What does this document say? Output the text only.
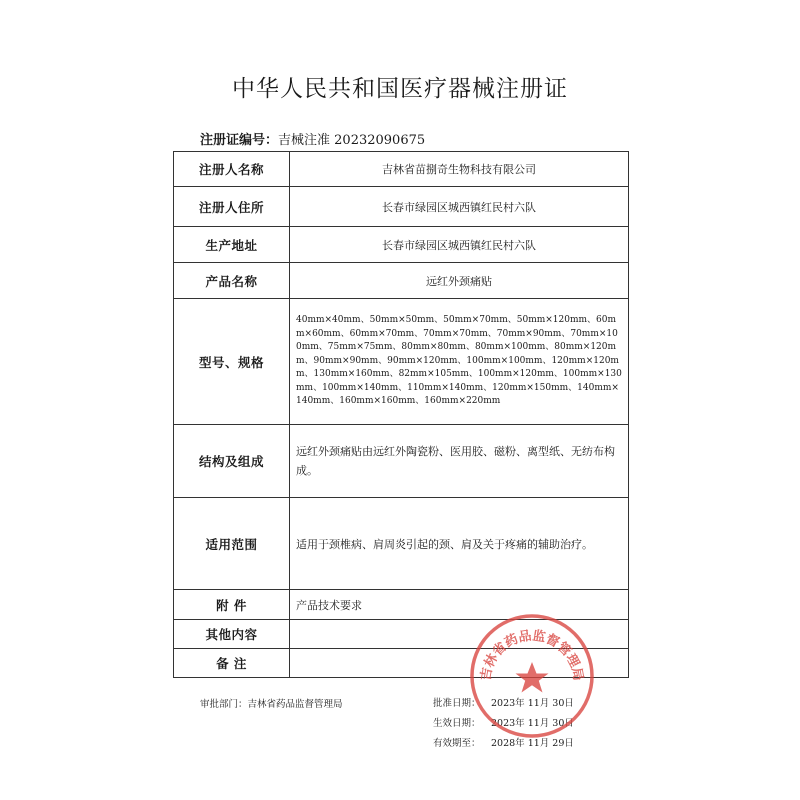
中华人民共和国医疗器械注册证
注册证编号：吉械注准 20232090675
注册人名称	吉林省苗捌奇生物科技有限公司
注册人住所	长春市绿园区城西镇红民村六队
生产地址	长春市绿园区城西镇红民村六队
产品名称	远红外颈痛贴
型号、规格	40mm×40mm、50mm×50mm、50mm×70mm、50mm×120mm、60mm×60mm、60mm×70mm、70mm×70mm、70mm×90mm、70mm×100mm、75mm×75mm、80mm×80mm、80mm×100mm、80mm×120mm、90mm×90mm、90mm×120mm、100mm×100mm、120mm×120mm、130mm×160mm、82mm×105mm、100mm×120mm、100mm×130mm、100mm×140mm、110mm×140mm、120mm×150mm、140mm×140mm、160mm×160mm、160mm×220mm
结构及组成	远红外颈痛贴由远红外陶瓷粉、医用胶、磁粉、离型纸、无纺布构成。
适用范围	适用于颈椎病、肩周炎引起的颈、肩及关于疼痛的辅助治疗。
附 件	产品技术要求
其他内容	
备 注	
审批部门：吉林省药品监督管理局	批准日期： 2023年 11月 30日
生效日期： 2023年 11月 30日
有效期至： 2028年 11月 29日
吉林省药品监督管理局
